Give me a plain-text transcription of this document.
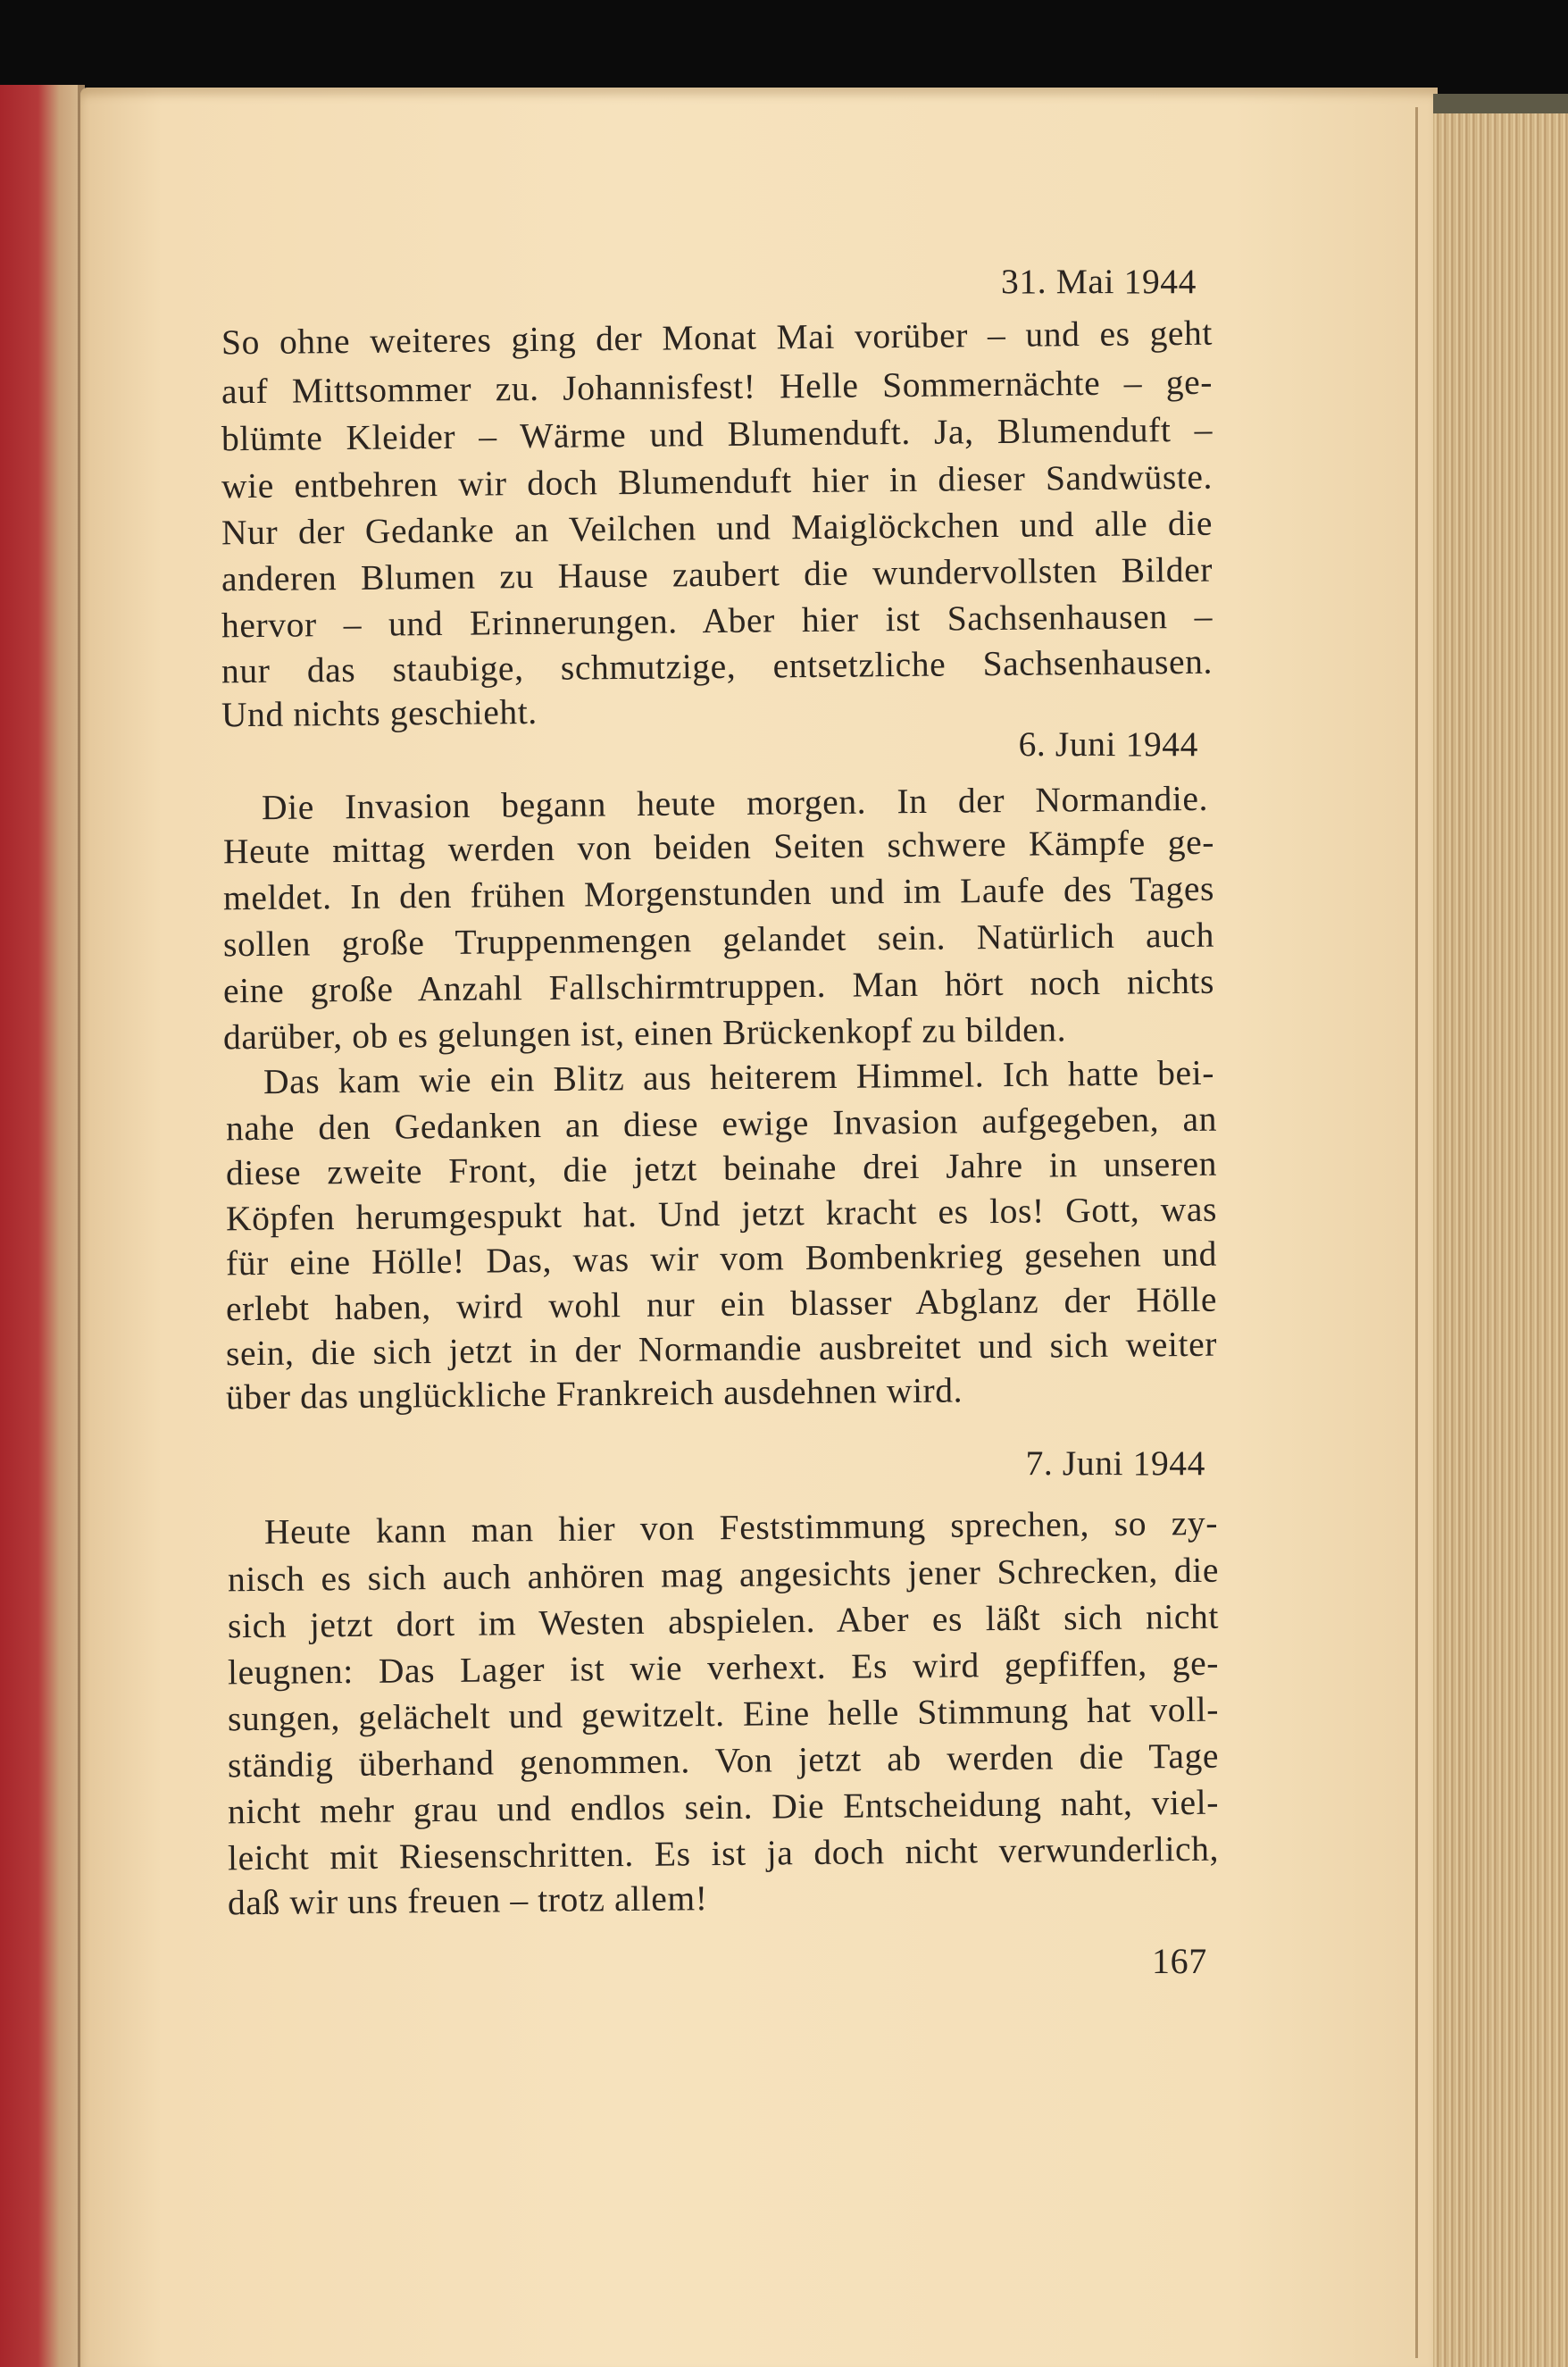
31. Mai 1944
So ohne weiteres ging der Monat Mai vorüber – und es geht
auf Mittsommer zu. Johannisfest! Helle Sommernächte – ge-
blümte Kleider – Wärme und Blumenduft. Ja, Blumenduft –
wie entbehren wir doch Blumenduft hier in dieser Sandwüste.
Nur der Gedanke an Veilchen und Maiglöckchen und alle die
anderen Blumen zu Hause zaubert die wundervollsten Bilder
hervor – und Erinnerungen. Aber hier ist Sachsenhausen –
nur das staubige, schmutzige, entsetzliche Sachsenhausen.
Und nichts geschieht.
6. Juni 1944
Die Invasion begann heute morgen. In der Normandie.
Heute mittag werden von beiden Seiten schwere Kämpfe ge-
meldet. In den frühen Morgenstunden und im Laufe des Tages
sollen große Truppenmengen gelandet sein. Natürlich auch
eine große Anzahl Fallschirmtruppen. Man hört noch nichts
darüber, ob es gelungen ist, einen Brückenkopf zu bilden.
Das kam wie ein Blitz aus heiterem Himmel. Ich hatte bei-
nahe den Gedanken an diese ewige Invasion aufgegeben, an
diese zweite Front, die jetzt beinahe drei Jahre in unseren
Köpfen herumgespukt hat. Und jetzt kracht es los! Gott, was
für eine Hölle! Das, was wir vom Bombenkrieg gesehen und
erlebt haben, wird wohl nur ein blasser Abglanz der Hölle
sein, die sich jetzt in der Normandie ausbreitet und sich weiter
über das unglückliche Frankreich ausdehnen wird.
7. Juni 1944
Heute kann man hier von Feststimmung sprechen, so zy-
nisch es sich auch anhören mag angesichts jener Schrecken, die
sich jetzt dort im Westen abspielen. Aber es läßt sich nicht
leugnen: Das Lager ist wie verhext. Es wird gepfiffen, ge-
sungen, gelächelt und gewitzelt. Eine helle Stimmung hat voll-
ständig überhand genommen. Von jetzt ab werden die Tage
nicht mehr grau und endlos sein. Die Entscheidung naht, viel-
leicht mit Riesenschritten. Es ist ja doch nicht verwunderlich,
daß wir uns freuen – trotz allem!
167
